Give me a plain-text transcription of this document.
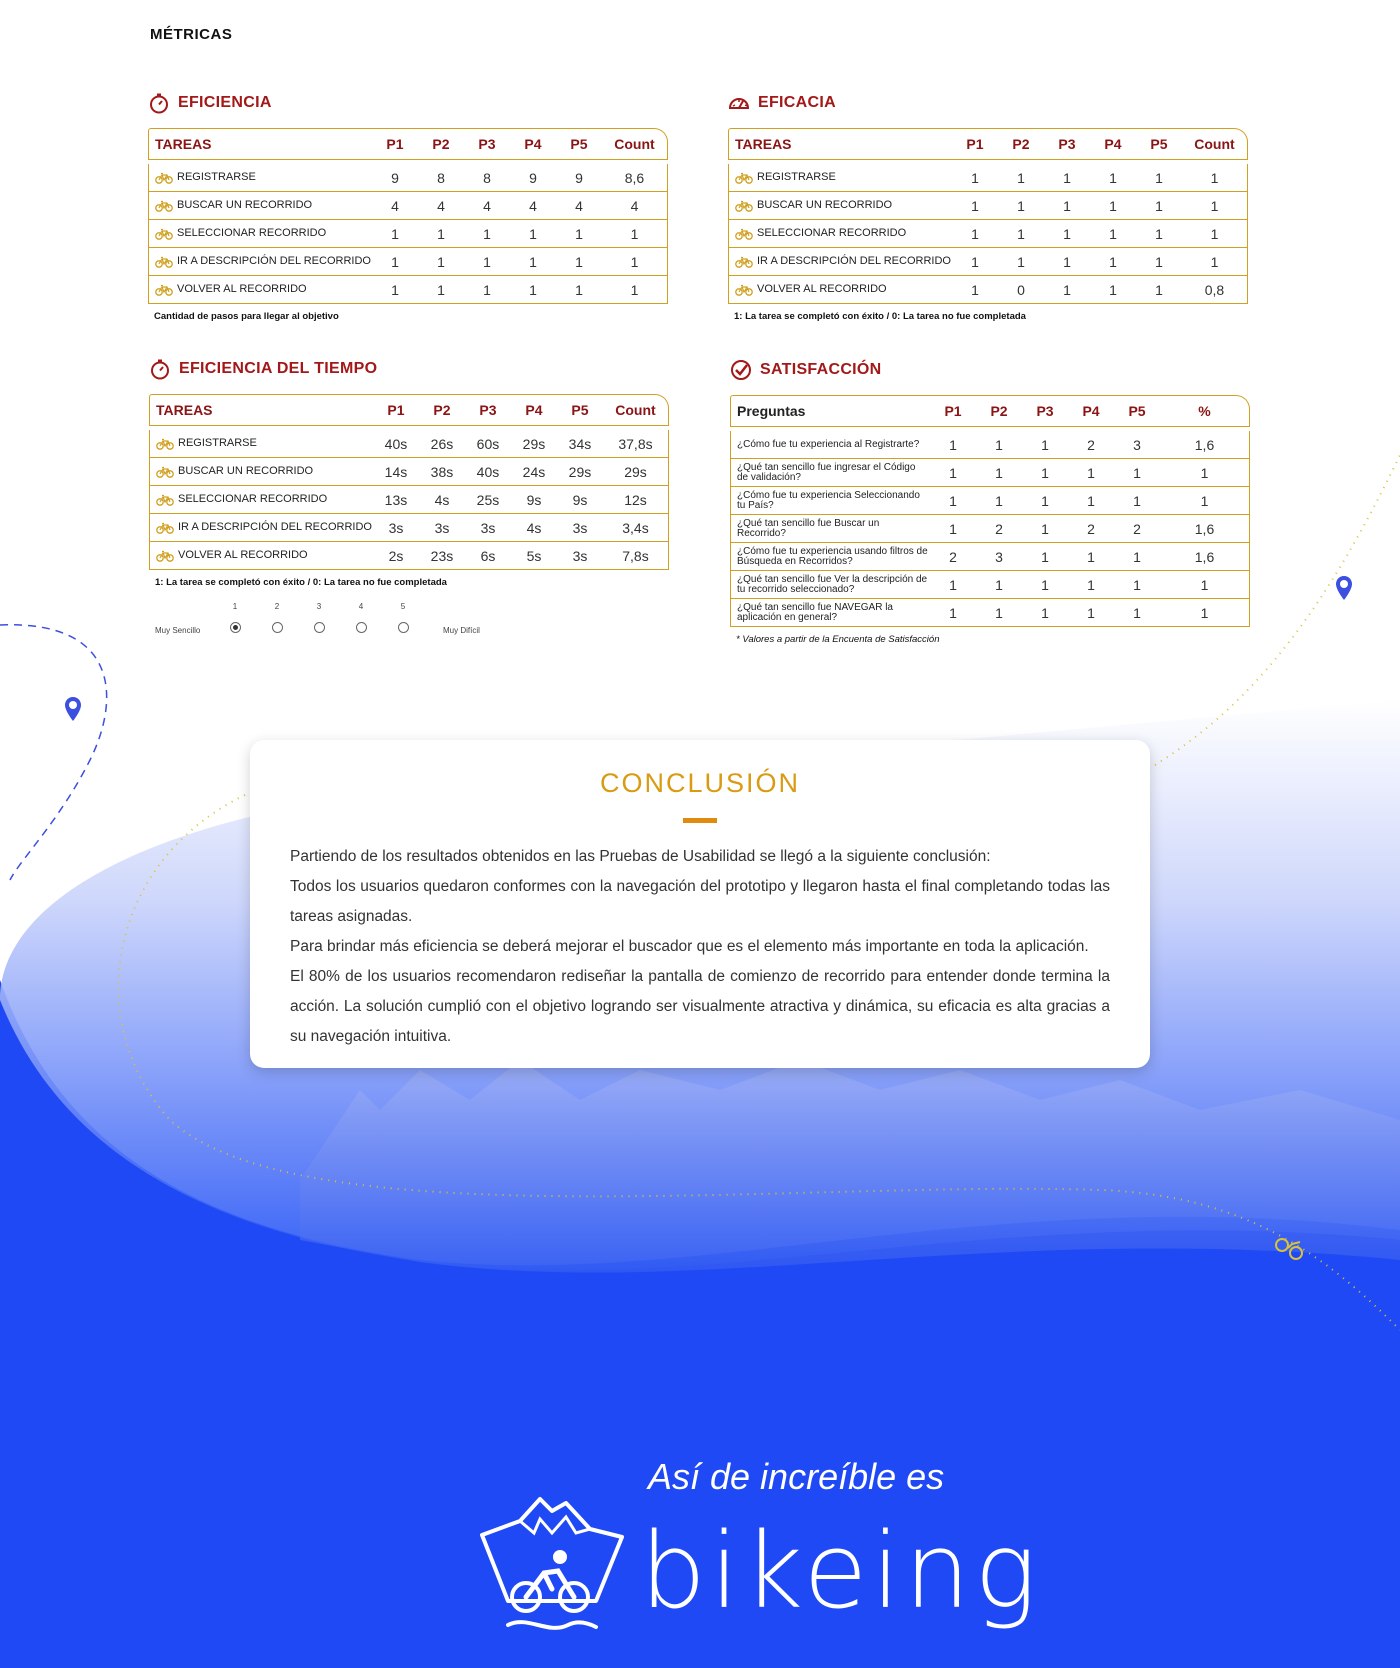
MÉTRICAS
EFICIENCIA
TAREAS	P1	P2	P3	P4	P5	Count

REGISTRARSE	9	8	8	9	9	8,6
BUSCAR UN RECORRIDO	4	4	4	4	4	4
SELECCIONAR RECORRIDO	1	1	1	1	1	1
IR A DESCRIPCIÓN DEL RECORRIDO	1	1	1	1	1	1
VOLVER AL RECORRIDO	1	1	1	1	1	1
Cantidad de pasos para llegar al objetivo
EFICACIA
TAREAS	P1	P2	P3	P4	P5	Count

REGISTRARSE	1	1	1	1	1	1
BUSCAR UN RECORRIDO	1	1	1	1	1	1
SELECCIONAR RECORRIDO	1	1	1	1	1	1
IR A DESCRIPCIÓN DEL RECORRIDO	1	1	1	1	1	1
VOLVER AL RECORRIDO	1	0	1	1	1	0,8
1: La tarea se completó con éxito / 0: La tarea no fue completada
EFICIENCIA DEL TIEMPO
TAREAS	P1	P2	P3	P4	P5	Count

REGISTRARSE	40s	26s	60s	29s	34s	37,8s
BUSCAR UN RECORRIDO	14s	38s	40s	24s	29s	29s
SELECCIONAR RECORRIDO	13s	4s	25s	9s	9s	12s
IR A DESCRIPCIÓN DEL RECORRIDO	3s	3s	3s	4s	3s	3,4s
VOLVER AL RECORRIDO	2s	23s	6s	5s	3s	7,8s
1: La tarea se completó con éxito / 0: La tarea no fue completada
SATISFACCIÓN
Preguntas	P1	P2	P3	P4	P5	%

¿Cómo fue tu experiencia al Registrarte?	1	1	1	2	3	1,6
¿Qué tan sencillo fue ingresar el Código de validación?	1	1	1	1	1	1
¿Cómo fue tu experiencia Seleccionando tu País?	1	1	1	1	1	1
¿Qué tan sencillo fue Buscar un Recorrido?	1	2	1	2	2	1,6
¿Cómo fue tu experiencia usando filtros de Búsqueda en Recorridos?	2	3	1	1	1	1,6
¿Qué tan sencillo fue Ver la descripción de tu recorrido seleccionado?	1	1	1	1	1	1
¿Qué tan sencillo fue NAVEGAR la aplicación en general?	1	1	1	1	1	1
* Valores a partir de la Encuenta de Satisfacción
Muy Sencillo	Muy Difícil
1	2	3	4	5
CONCLUSIÓN

Partiendo de los resultados obtenidos en las Pruebas de Usabilidad se llegó a la siguiente conclusión:

Todos los usuarios quedaron conformes con la navegación del prototipo y llegaron hasta el final completando todas las tareas asignadas.

Para brindar más eficiencia se deberá mejorar el buscador que es el elemento más importante en toda la aplicación.

El 80% de los usuarios recomendaron rediseñar la pantalla de comienzo de recorrido para entender donde termina la acción. La solución cumplió con el objetivo logrando ser visualmente atractiva y dinámica, su eficacia es alta gracias a su navegación intuitiva.

Así de increíble es
bikeing
